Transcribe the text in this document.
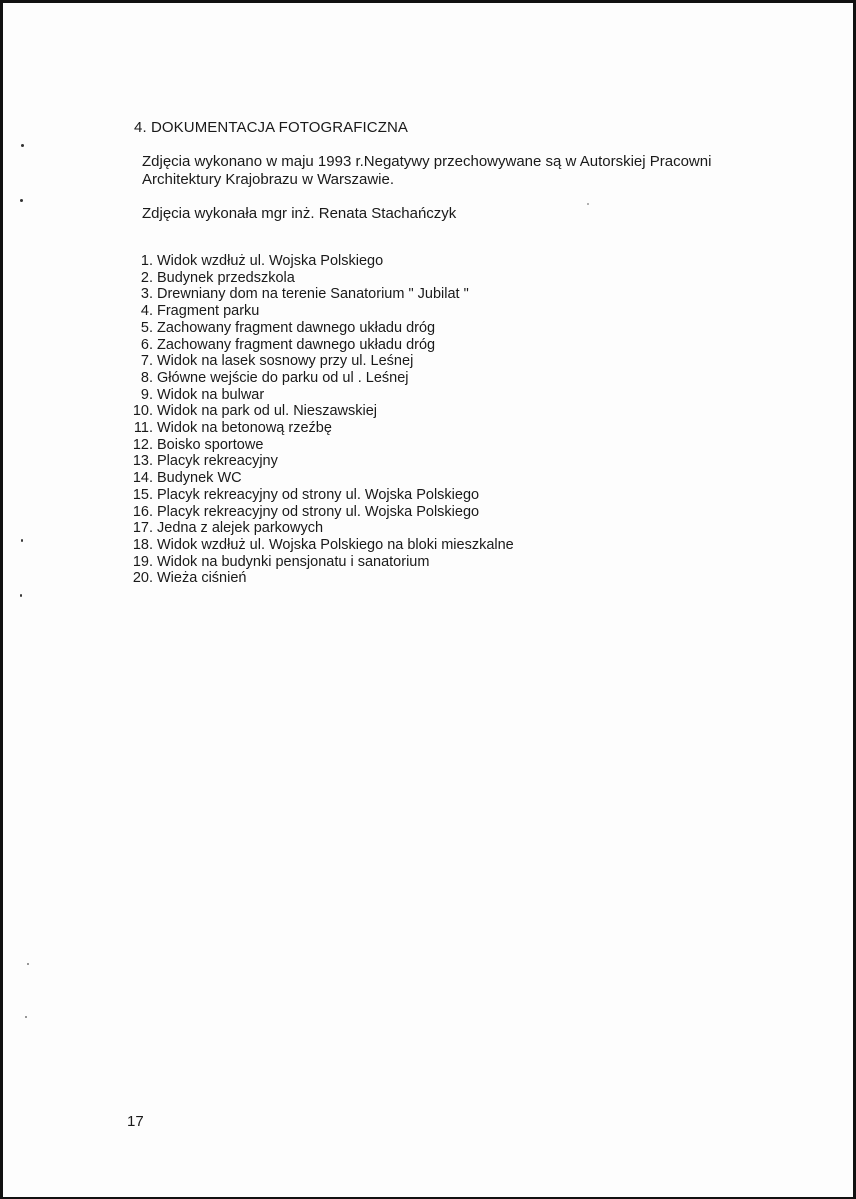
4. DOKUMENTACJA FOTOGRAFICZNA
Zdjęcia wykonano w maju 1993 r.Negatywy przechowywane są w Autorskiej Pracowni
Architektury Krajobrazu w Warszawie.
Zdjęcia wykonała mgr inż. Renata Stachańczyk
1. Widok wzdłuż ul. Wojska Polskiego
2. Budynek przedszkola
3. Drewniany dom na terenie Sanatorium " Jubilat "
4. Fragment parku
5. Zachowany fragment dawnego układu dróg
6. Zachowany fragment dawnego układu dróg
7. Widok na lasek sosnowy przy ul. Leśnej
8. Główne wejście do parku od ul . Leśnej
9. Widok na bulwar
10. Widok na park od ul. Nieszawskiej
11. Widok na betonową rzeźbę
12. Boisko sportowe
13. Placyk rekreacyjny
14. Budynek WC
15. Placyk rekreacyjny od strony ul. Wojska Polskiego
16. Placyk rekreacyjny od strony ul. Wojska Polskiego
17. Jedna z alejek parkowych
18. Widok wzdłuż ul. Wojska Polskiego na bloki mieszkalne
19. Widok na budynki pensjonatu i sanatorium
20. Wieża ciśnień
17
